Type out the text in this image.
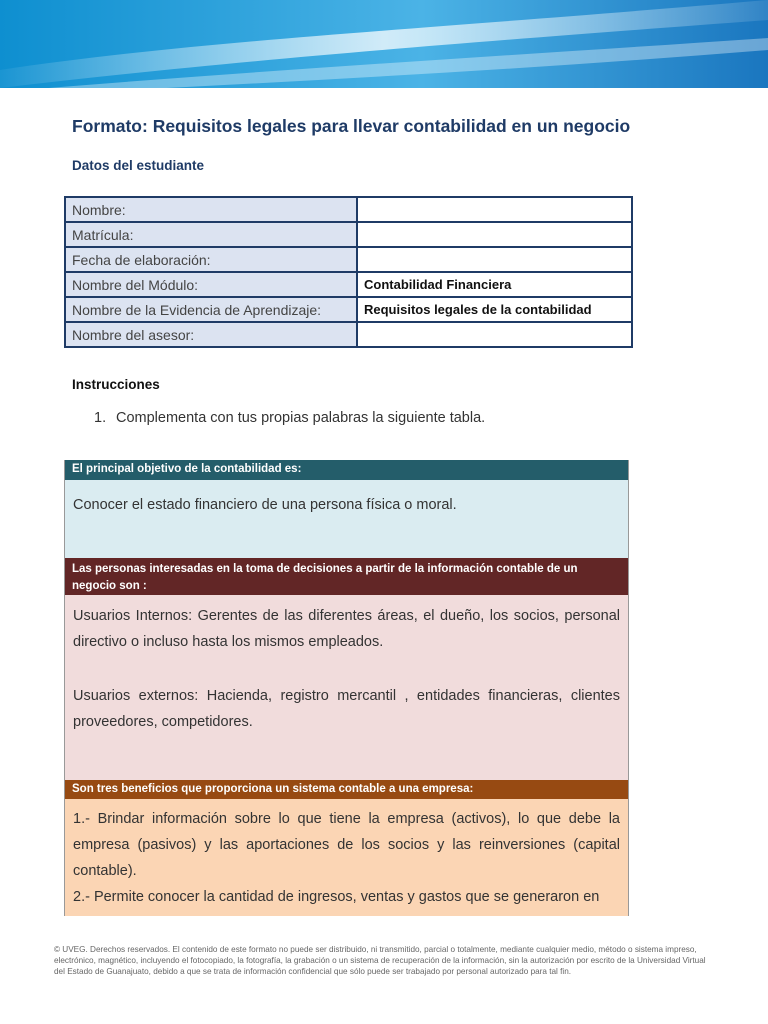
Formato: Requisitos legales para llevar contabilidad en un negocio
Datos del estudiante
Nombre:	
Matrícula:	
Fecha de elaboración:	
Nombre del Módulo:	Contabilidad Financiera
Nombre de la Evidencia de Aprendizaje:	Requisitos legales de la contabilidad
Nombre del asesor:	
Instrucciones
1. Complementa con tus propias palabras la siguiente tabla.
El principal objetivo de la contabilidad es:

Conocer el estado financiero de una persona física o moral.

Las personas interesadas en la toma de decisiones a partir de la información contable de un negocio son :

Usuarios Internos: Gerentes de las diferentes áreas, el dueño, los socios, personal directivo o incluso hasta los mismos empleados.

Usuarios externos: Hacienda, registro mercantil , entidades financieras, clientes proveedores, competidores.

Son tres beneficios que proporciona un sistema contable a una empresa:

1.- Brindar información sobre lo que tiene la empresa (activos), lo que debe la empresa (pasivos) y las aportaciones de los socios y las reinversiones (capital contable).

2.- Permite conocer la cantidad de ingresos, ventas y gastos que se generaron en

© UVEG. Derechos reservados. El contenido de este formato no puede ser distribuido, ni transmitido, parcial o totalmente, mediante cualquier medio, método o sistema impreso, electrónico, magnético, incluyendo el fotocopiado, la fotografía, la grabación o un sistema de recuperación de la información, sin la autorización por escrito de la Universidad Virtual del Estado de Guanajuato, debido a que se trata de información confidencial que sólo puede ser trabajado por personal autorizado para tal fin.
